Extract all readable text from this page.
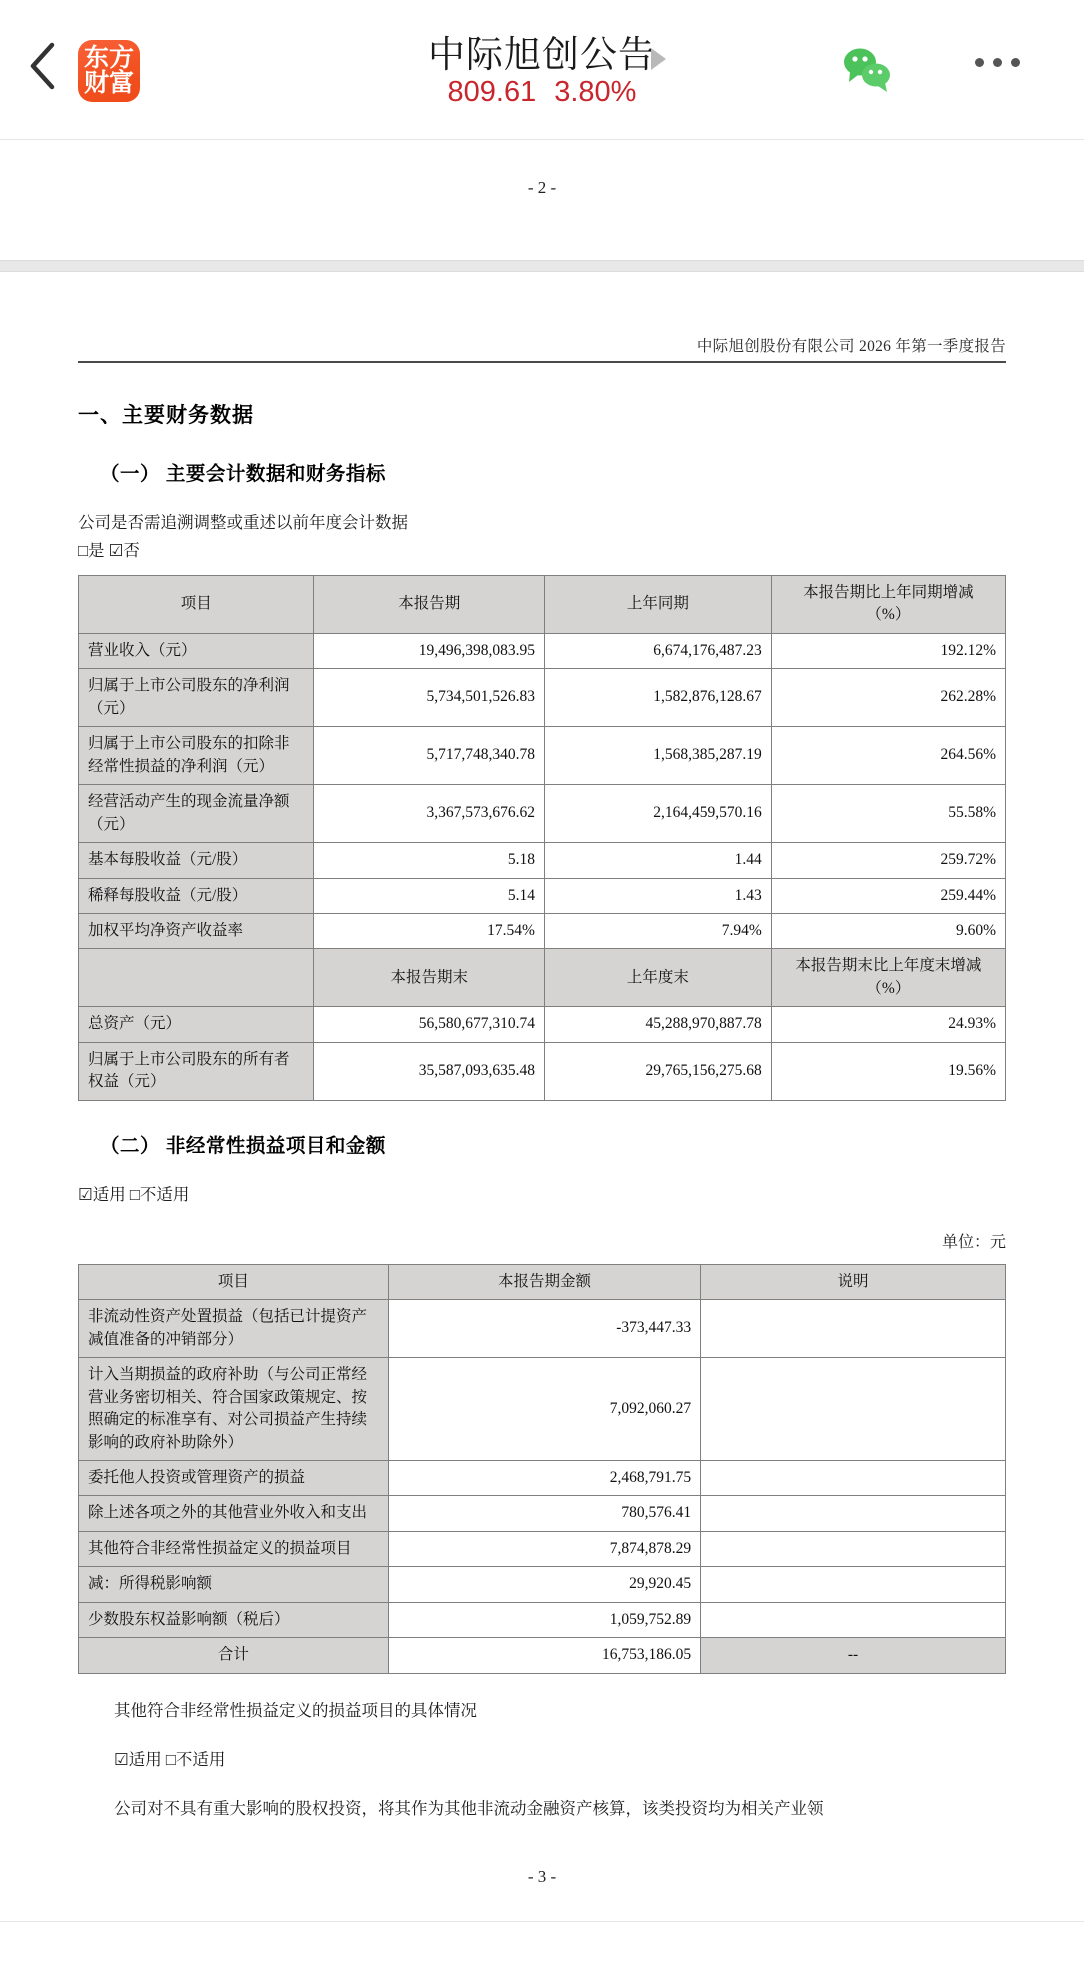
东方
财富
中际旭创公告
809.61 3.80%
- 2 -
中际旭创股份有限公司 2026 年第一季度报告
一、主要财务数据
（一） 主要会计数据和财务指标

公司是否需追溯调整或重述以前年度会计数据

□是 ☑否

项目	本报告期	上年同期	本报告期比上年同期增减
（%）
营业收入（元）	19,496,398,083.95	6,674,176,487.23	192.12%
归属于上市公司股东的净利润（元）	5,734,501,526.83	1,582,876,128.67	262.28%
归属于上市公司股东的扣除非经常性损益的净利润（元）	5,717,748,340.78	1,568,385,287.19	264.56%
经营活动产生的现金流量净额（元）	3,367,573,676.62	2,164,459,570.16	55.58%
基本每股收益（元/股）	5.18	1.44	259.72%
稀释每股收益（元/股）	5.14	1.43	259.44%
加权平均净资产收益率	17.54%	7.94%	9.60%
	本报告期末	上年度末	本报告期末比上年度末增减
（%）
总资产（元）	56,580,677,310.74	45,288,970,887.78	24.93%
归属于上市公司股东的所有者权益（元）	35,587,093,635.48	29,765,156,275.68	19.56%
（二） 非经常性损益项目和金额

☑适用 □不适用

单位：元

项目	本报告期金额	说明
非流动性资产处置损益（包括已计提资产减值准备的冲销部分）	-373,447.33	
计入当期损益的政府补助（与公司正常经营业务密切相关、符合国家政策规定、按照确定的标准享有、对公司损益产生持续影响的政府补助除外）	7,092,060.27	
委托他人投资或管理资产的损益	2,468,791.75	
除上述各项之外的其他营业外收入和支出	780,576.41	
其他符合非经常性损益定义的损益项目	7,874,878.29	
减：所得税影响额	29,920.45	
少数股东权益影响额（税后）	1,059,752.89	
合计	16,753,186.05	--

其他符合非经常性损益定义的损益项目的具体情况

☑适用 □不适用

公司对不具有重大影响的股权投资，将其作为其他非流动金融资产核算，该类投资均为相关产业领

- 3 -
